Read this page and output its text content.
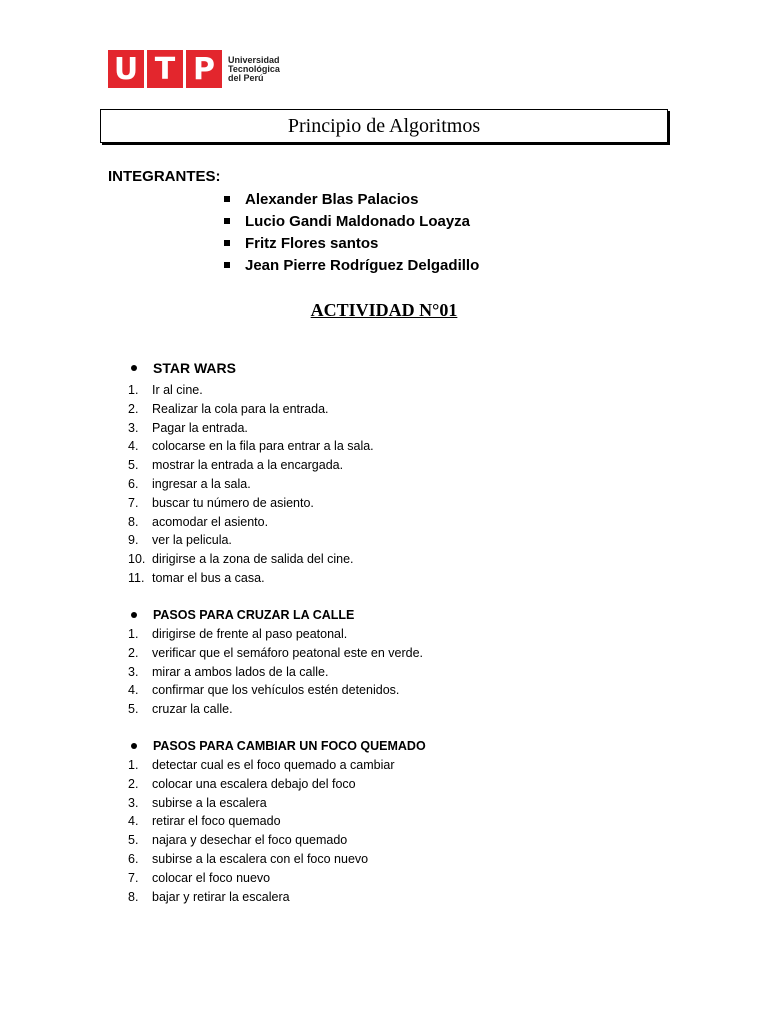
U T P	Universidad
Tecnológica
del Perú
Principio de Algoritmos
INTEGRANTES:
Alexander Blas Palacios
Lucio Gandi Maldonado Loayza
Fritz Flores santos
Jean Pierre Rodríguez Delgadillo
ACTIVIDAD N°01
STAR WARS
1.	Ir al cine.
2.	Realizar la cola para la entrada.
3.	Pagar la entrada.
4.	colocarse en la fila para entrar a la sala.
5.	mostrar la entrada a la encargada.
6.	ingresar a la sala.
7.	buscar tu número de asiento.
8.	acomodar el asiento.
9.	ver la pelicula.
10. dirigirse a la zona de salida del cine.
11. tomar el bus a casa.
PASOS PARA CRUZAR LA CALLE
1.	dirigirse de frente al paso peatonal.
2.	verificar que el semáforo peatonal este en verde.
3.	mirar a ambos lados de la calle.
4.	confirmar que los vehículos estén detenidos.
5.	cruzar la calle.
PASOS PARA CAMBIAR UN FOCO QUEMADO
1.	detectar cual es el foco quemado a cambiar
2.	colocar una escalera debajo del foco
3.	subirse a la escalera
4.	retirar el foco quemado
5.	najara y desechar el foco quemado
6.	subirse a la escalera con el foco nuevo
7.	colocar el foco nuevo
8.	bajar y retirar la escalera
